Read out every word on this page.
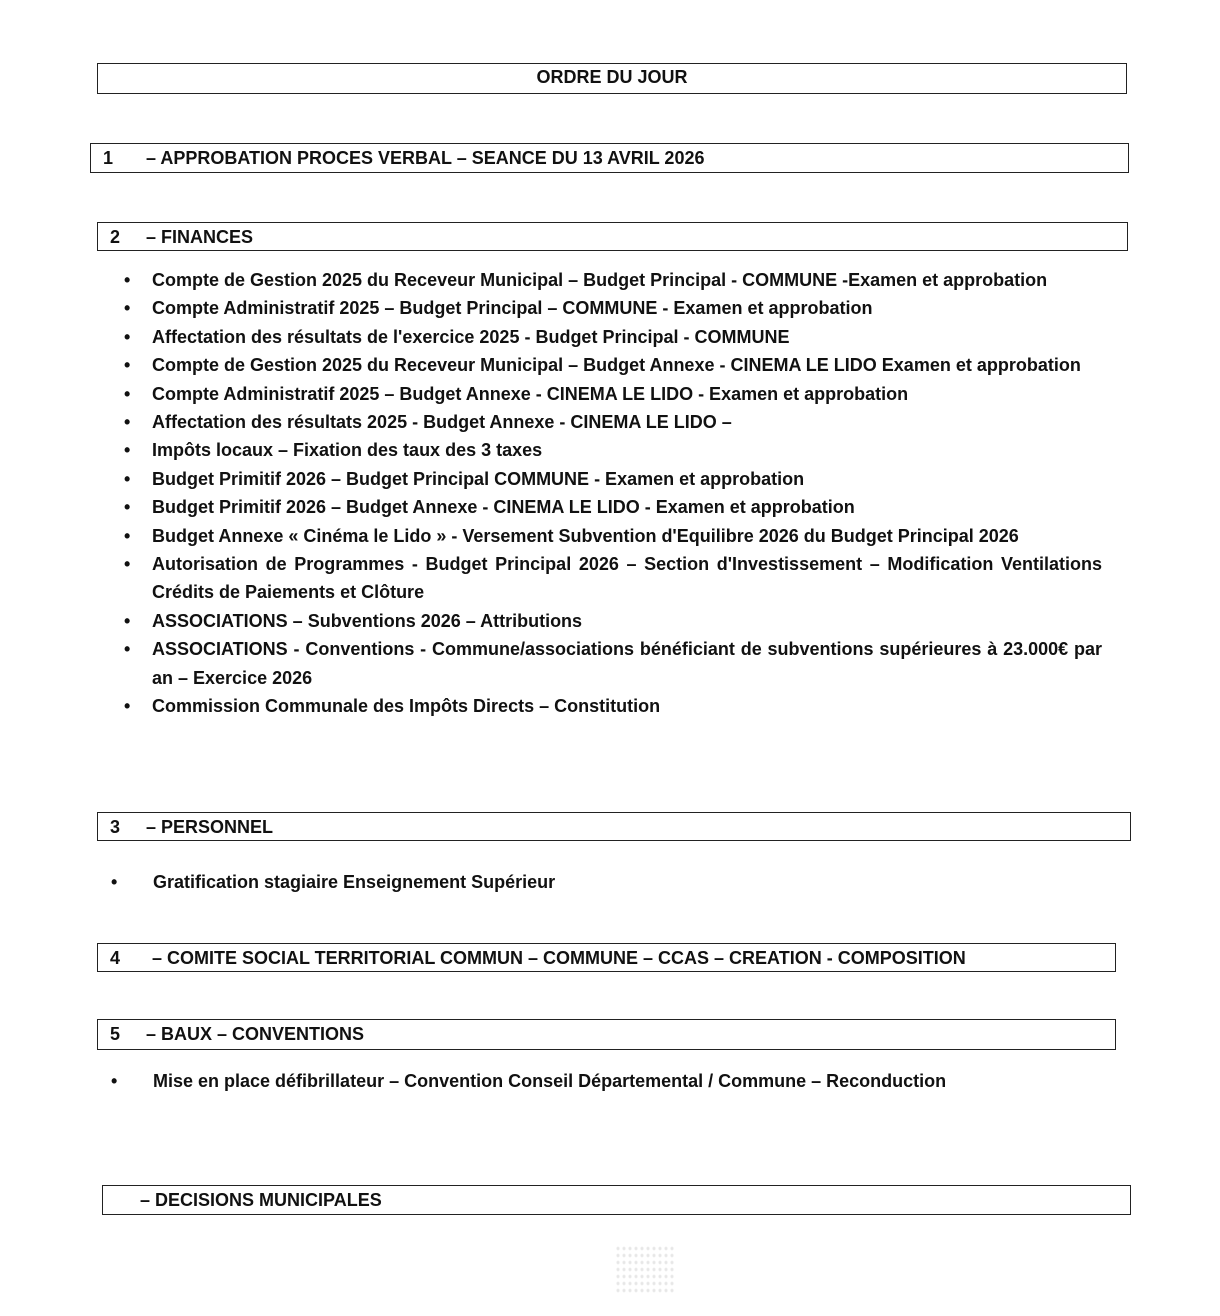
ORDRE DU JOUR
1 – APPROBATION PROCES VERBAL – SEANCE DU 13 AVRIL 2026
2 – FINANCES
• Compte de Gestion 2025 du Receveur Municipal – Budget Principal - COMMUNE -Examen et approbation
• Compte Administratif 2025 – Budget Principal – COMMUNE - Examen et approbation
• Affectation des résultats de l'exercice 2025 - Budget Principal - COMMUNE
• Compte de Gestion 2025 du Receveur Municipal – Budget Annexe - CINEMA LE LIDO Examen et approbation
• Compte Administratif 2025 – Budget Annexe - CINEMA LE LIDO - Examen et approbation
• Affectation des résultats 2025 - Budget Annexe - CINEMA LE LIDO –
• Impôts locaux – Fixation des taux des 3 taxes
• Budget Primitif 2026 – Budget Principal COMMUNE - Examen et approbation
• Budget Primitif 2026 – Budget Annexe - CINEMA LE LIDO - Examen et approbation
• Budget Annexe « Cinéma le Lido » - Versement Subvention d'Equilibre 2026 du Budget Principal 2026
• Autorisation de Programmes - Budget Principal 2026 – Section d'Investissement – Modification Ventilations Crédits de Paiements et Clôture
• ASSOCIATIONS – Subventions 2026 – Attributions
• ASSOCIATIONS - Conventions - Commune/associations bénéficiant de subventions supérieures à 23.000€ par an – Exercice 2026
• Commission Communale des Impôts Directs – Constitution
3 – PERSONNEL
• Gratification stagiaire Enseignement Supérieur
4 – COMITE SOCIAL TERRITORIAL COMMUN – COMMUNE – CCAS – CREATION - COMPOSITION
5 – BAUX – CONVENTIONS
• Mise en place défibrillateur – Convention Conseil Départemental / Commune – Reconduction
– DECISIONS MUNICIPALES
